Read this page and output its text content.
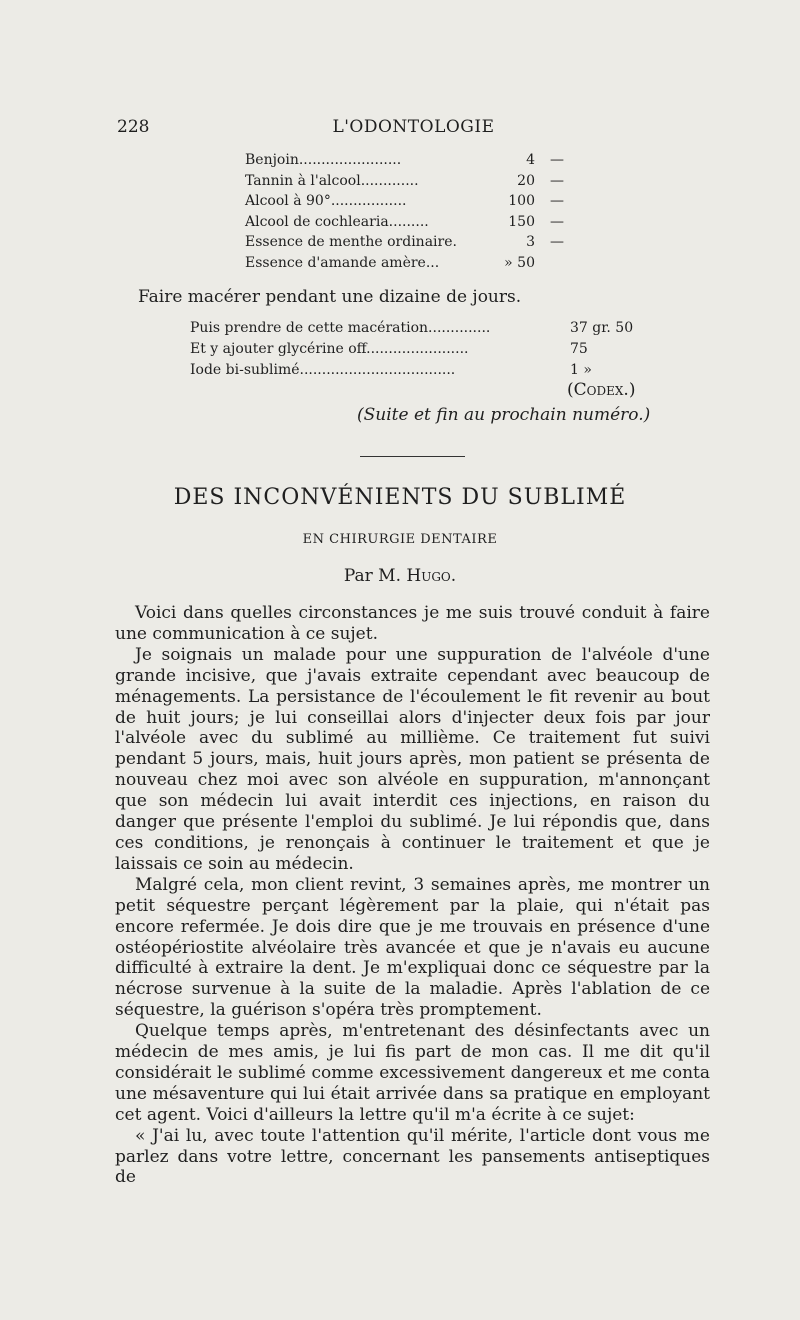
228	L'ODONTOLOGIE
Benjoin.......................	4 —
Tannin à l'alcool.............	20 —
Alcool à 90°.................	100 —
Alcool de cochlearia.........	150 —
Essence de menthe ordinaire.	3 —
Essence d'amande amère...	» 50
Faire macérer pendant une dizaine de jours.
Puis prendre de cette macération..............	37 gr. 50
Et y ajouter glycérine off.......................	75
Iode bi-sublimé...................................	1 »
(Codex.)
(Suite et fin au prochain numéro.)
DES INCONVÉNIENTS DU SUBLIMÉ
EN CHIRURGIE DENTAIRE
Par M. Hugo.

Voici dans quelles circonstances je me suis trouvé conduit à faire une communication à ce sujet.

Je soignais un malade pour une suppuration de l'alvéole d'une grande incisive, que j'avais extraite cependant avec beaucoup de ménagements. La persistance de l'écoulement le fit revenir au bout de huit jours; je lui conseillai alors d'injecter deux fois par jour l'alvéole avec du sublimé au millième. Ce traitement fut suivi pendant 5 jours, mais, huit jours après, mon patient se présenta de nouveau chez moi avec son alvéole en suppuration, m'annonçant que son médecin lui avait interdit ces injections, en raison du danger que présente l'emploi du sublimé. Je lui répondis que, dans ces conditions, je renonçais à continuer le traitement et que je laissais ce soin au médecin.

Malgré cela, mon client revint, 3 semaines après, me montrer un petit séquestre perçant légèrement par la plaie, qui n'était pas encore refermée. Je dois dire que je me trouvais en présence d'une ostéopériostite alvéolaire très avancée et que je n'avais eu aucune difficulté à extraire la dent. Je m'expliquai donc ce séquestre par la nécrose survenue à la suite de la maladie. Après l'ablation de ce séquestre, la guérison s'opéra très promptement.

Quelque temps après, m'entretenant des désinfectants avec un médecin de mes amis, je lui fis part de mon cas. Il me dit qu'il considérait le sublimé comme excessivement dangereux et me conta une mésaventure qui lui était arrivée dans sa pratique en employant cet agent. Voici d'ailleurs la lettre qu'il m'a écrite à ce sujet:

« J'ai lu, avec toute l'attention qu'il mérite, l'article dont vous me parlez dans votre lettre, concernant les pansements antiseptiques de
